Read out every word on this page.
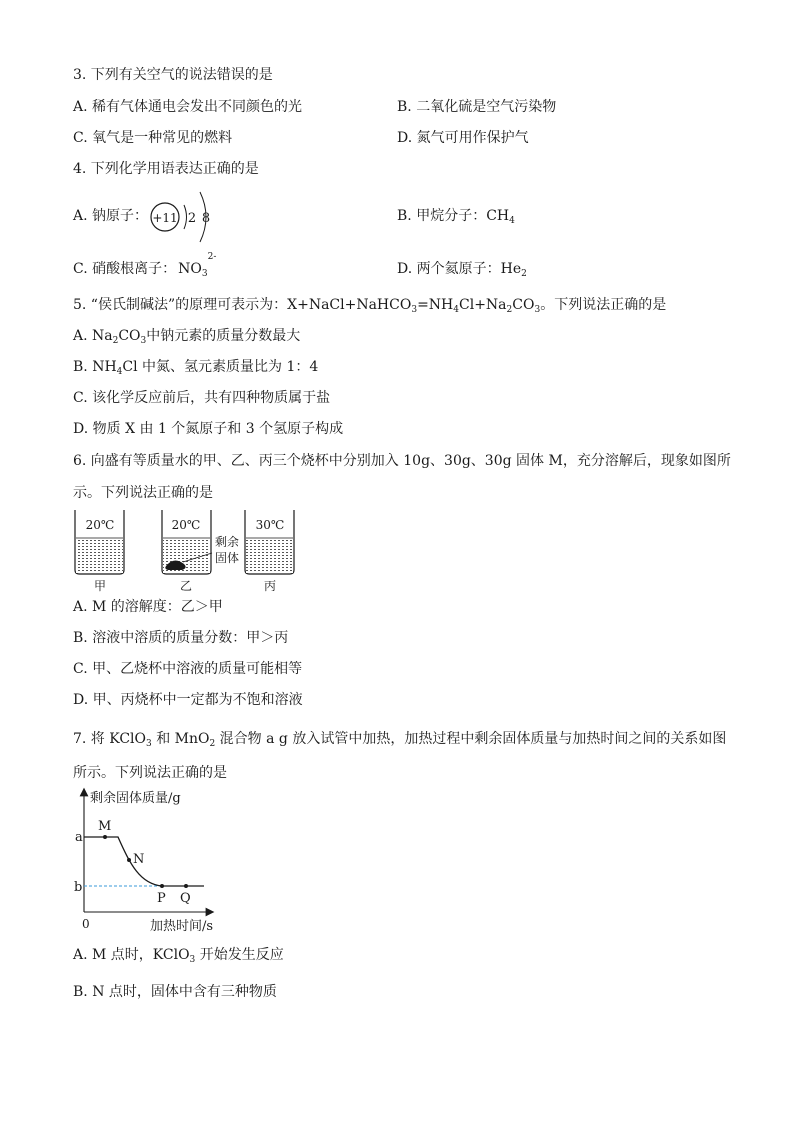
3. 下列有关空气的说法错误的是
A. 稀有气体通电会发出不同颜色的光	B. 二氧化硫是空气污染物
C. 氧气是一种常见的燃料	D. 氮气可用作保护气
4. 下列化学用语表达正确的是
A. 钠原子： +11 2 8	B. 甲烷分子：$CH_4$
C. 硝酸根离子： NO
2-
$_3$	D. 两个氦原子：$He_2$
5. “侯氏制碱法”的原理可表示为：$X+NaCl+NaHCO_3=NH_4Cl+Na_2CO_3$。下列说法正确的是
A. $Na_2CO_3$中钠元素的质量分数最大
B. $NH_4Cl$ 中氮、氢元素质量比为 1：4
C. 该化学反应前后，共有四种物质属于盐
D. 物质 X 由 1 个氮原子和 3 个氢原子构成
6. 向盛有等质量水的甲、乙、丙三个烧杯中分别加入 10g、30g、30g 固体 M，充分溶解后，现象如图所
示。下列说法正确的是
20℃
甲
20℃
乙
剩余
固体
30℃
丙
A. M 的溶解度：乙＞甲
B. 溶液中溶质的质量分数：甲＞丙
C. 甲、乙烧杯中溶液的质量可能相等
D. 甲、丙烧杯中一定都为不饱和溶液
7. 将 KClO$_3$ 和 MnO$_2$ 混合物 a g 放入试管中加热，加热过程中剩余固体质量与加热时间之间的关系如图
所示。下列说法正确的是
剩余固体质量/g
加热时间/s
0
a
b
M
N
P Q
A. M 点时，KClO$_3$ 开始发生反应
B. N 点时，固体中含有三种物质
